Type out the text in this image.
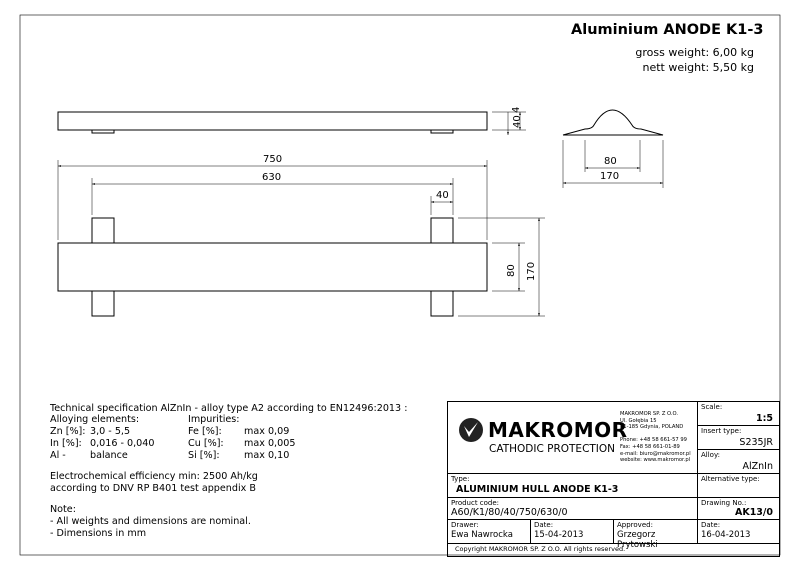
Aluminium ANODE K1-3
gross weight: 6,00 kg
nett weight: 5,50 kg
4
40
750
630
40
80 170
80
170
Technical specification AlZnIn - alloy type A2 according to EN12496:2013 :
Alloying elements:	Impurities:
Zn [%]: 3,0 - 5,5	Fe [%]: max 0,09
In [%]: 0,016 - 0,040	Cu [%]: max 0,005
Al -	balance	Si [%]:	max 0,10
Electrochemical efficiency min: 2500 Ah/kg
according to DNV RP B401 test appendix B
Note:
- All weights and dimensions are nominal.
- Dimensions in mm
MAKROMOR
CATHODIC PROTECTION
MAKROMOR SP. Z O.O.
Ul. Gołębia 15
81-185 Gdynia, POLAND

Phone: +48 58 661-57 99
Fax: +48 58 661-01-89
e-mail: biuro@makromor.pl
website: www.makromor.pl
Scale:
1:5
Insert type:
S235JR
Alloy:
AlZnIn
Type:
ALUMINIUM HULL ANODE K1-3
Alternative type:
Product code:
A60/K1/80/40/750/630/0
Drawing No.:
AK13/0
Drawer:
Ewa Nawrocka
Date:
15-04-2013
Approved:
Grzegorz Prytowski
Date:
16-04-2013
Copyright MAKROMOR SP. Z O.O. All rights reserved.
